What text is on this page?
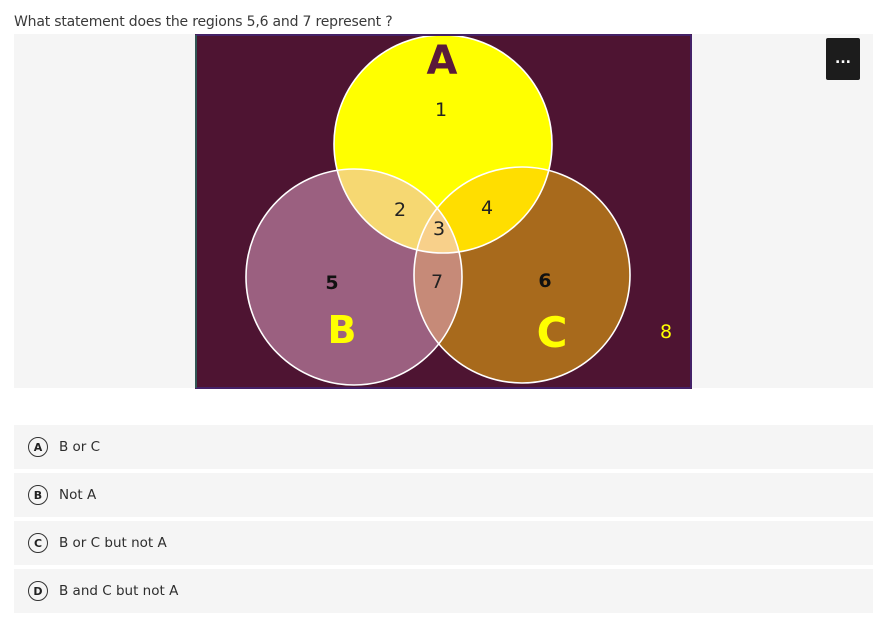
What statement does the regions 5,6 and 7 represent ?
A
B	C
1
2
3
4
5	6
7
8
...
A	B or C
B	Not A
C	B or C but not A
D	B and C but not A
